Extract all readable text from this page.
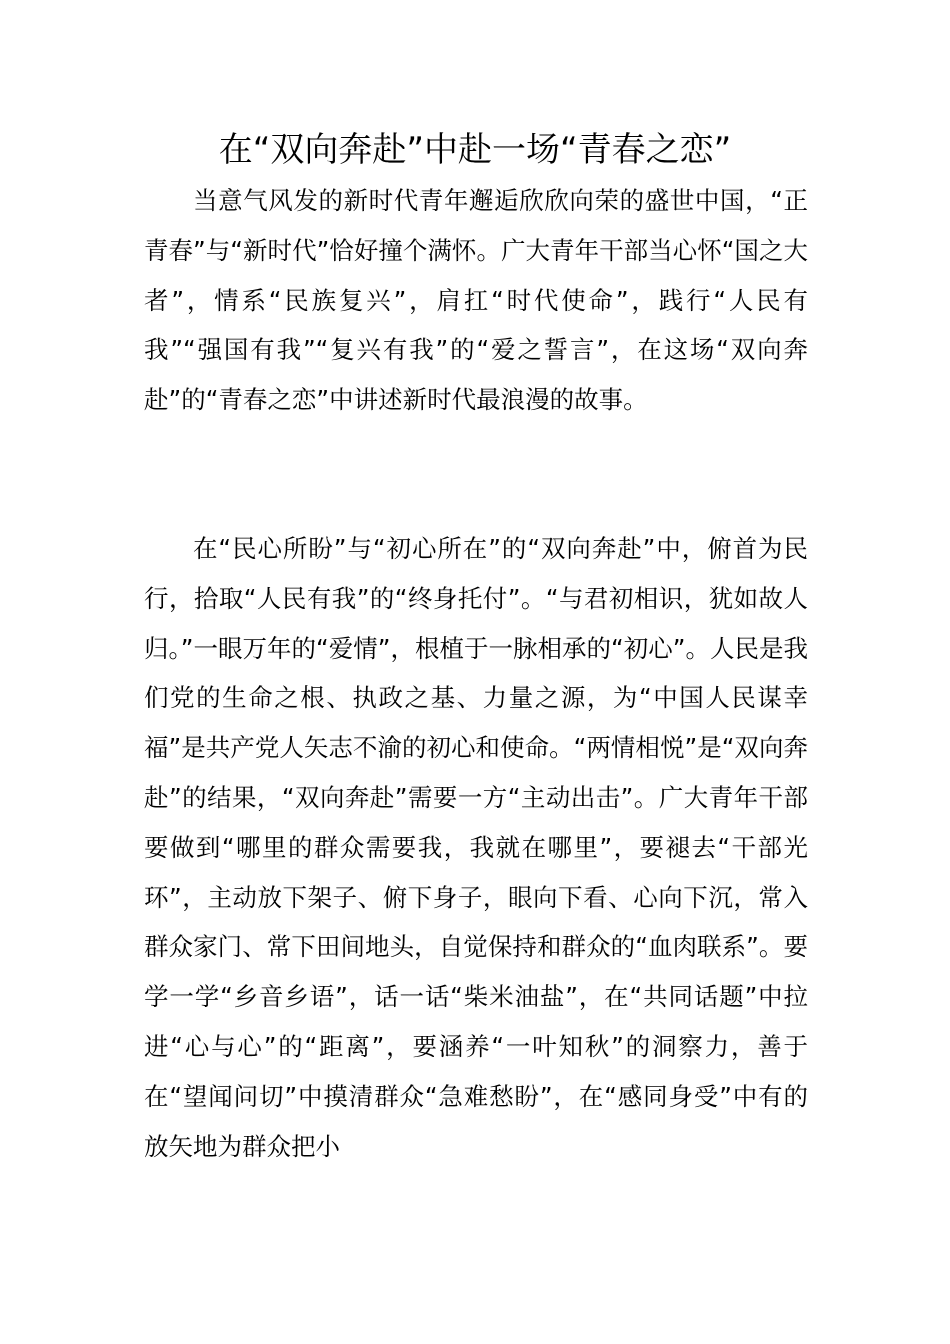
在“双向奔赴”中赴一场“青春之恋”

当意气风发的新时代青年邂逅欣欣向荣的盛世中国，“正青春”与“新时代”恰好撞个满怀。广大青年干部当心怀“国之大者”，情系“民族复兴”，肩扛“时代使命”，践行“人民有我”“强国有我”“复兴有我”的“爱之誓言”，在这场“双向奔赴”的“青春之恋”中讲述新时代最浪漫的故事。

在“民心所盼”与“初心所在”的“双向奔赴”中，俯首为民行，拾取“人民有我”的“终身托付”。“与君初相识，犹如故人归。”一眼万年的“爱情”，根植于一脉相承的“初心”。人民是我们党的生命之根、执政之基、力量之源，为“中国人民谋幸福”是共产党人矢志不渝的初心和使命。“两情相悦”是“双向奔赴”的结果，“双向奔赴”需要一方“主动出击”。广大青年干部要做到“哪里的群众需要我，我就在哪里”，要褪去“干部光环”，主动放下架子、俯下身子，眼向下看、心向下沉，常入群众家门、常下田间地头，自觉保持和群众的“血肉联系”。要学一学“乡音乡语”，话一话“柴米油盐”，在“共同话题”中拉进“心与心”的“距离”，要涵养“一叶知秋”的洞察力，善于在“望闻问切”中摸清群众“急难愁盼”，在“感同身受”中有的放矢地为群众把小
